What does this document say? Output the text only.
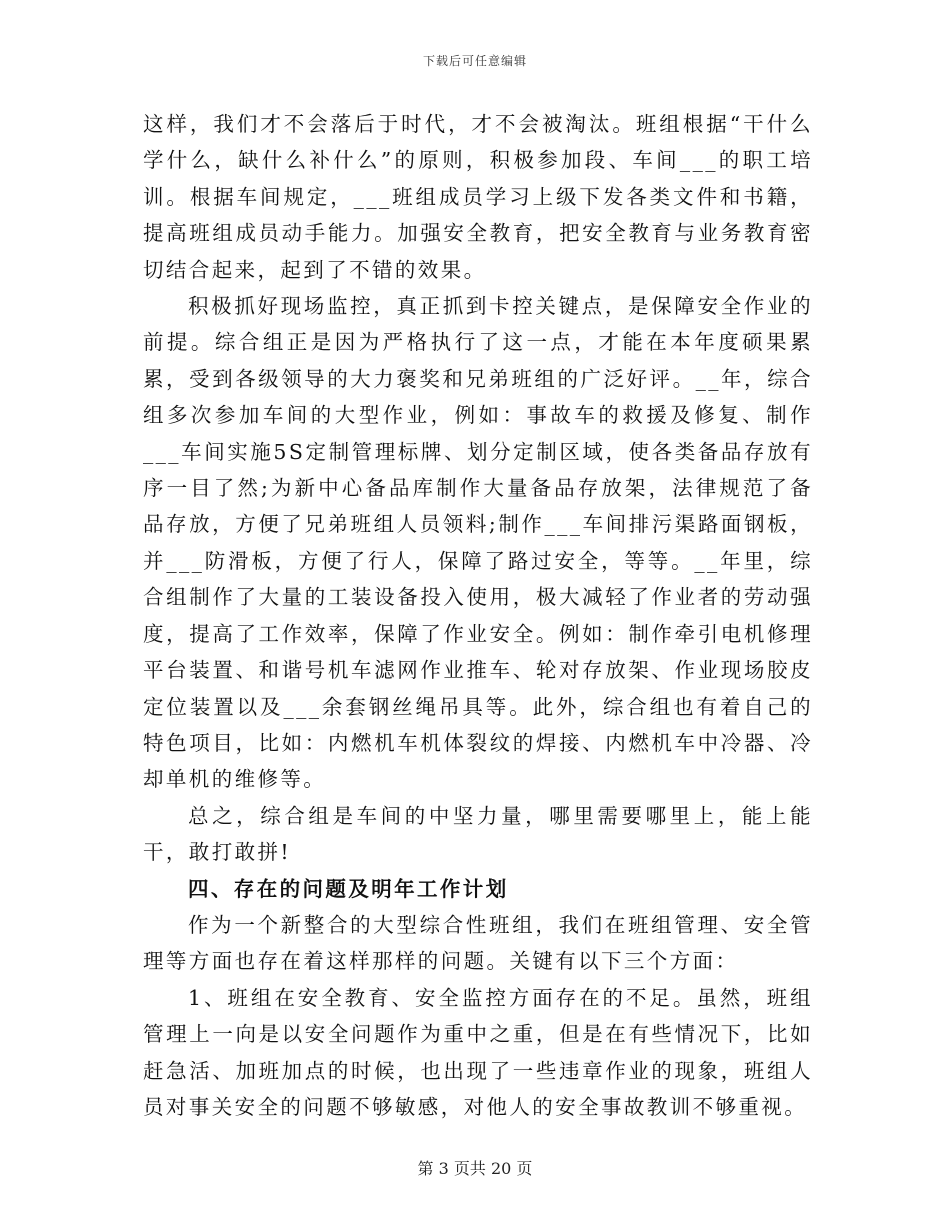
下载后可任意编辑

这样，我们才不会落后于时代，才不会被淘汰。班组根据“干什么学什么，缺什么补什么”的原则，积极参加段、车间___的职工培训。根据车间规定，___班组成员学习上级下发各类文件和书籍，提高班组成员动手能力。加强安全教育，把安全教育与业务教育密切结合起来，起到了不错的效果。

积极抓好现场监控，真正抓到卡控关键点，是保障安全作业的前提。综合组正是因为严格执行了这一点，才能在本年度硕果累累，受到各级领导的大力褒奖和兄弟班组的广泛好评。__年，综合组多次参加车间的大型作业，例如：事故车的救援及修复、制作___车间实施5S定制管理标牌、划分定制区域，使各类备品存放有序一目了然;为新中心备品库制作大量备品存放架，法律规范了备品存放，方便了兄弟班组人员领料;制作___车间排污渠路面钢板，并___防滑板，方便了行人，保障了路过安全，等等。__年里，综合组制作了大量的工装设备投入使用，极大减轻了作业者的劳动强度，提高了工作效率，保障了作业安全。例如：制作牵引电机修理平台装置、和谐号机车滤网作业推车、轮对存放架、作业现场胶皮定位装置以及___余套钢丝绳吊具等。此外，综合组也有着自己的特色项目，比如：内燃机车机体裂纹的焊接、内燃机车中冷器、冷却单机的维修等。

总之，综合组是车间的中坚力量，哪里需要哪里上，能上能干，敢打敢拼!

四、存在的问题及明年工作计划

作为一个新整合的大型综合性班组，我们在班组管理、安全管理等方面也存在着这样那样的问题。关键有以下三个方面：

1、班组在安全教育、安全监控方面存在的不足。虽然，班组管理上一向是以安全问题作为重中之重，但是在有些情况下，比如赶急活、加班加点的时候，也出现了一些违章作业的现象，班组人员对事关安全的问题不够敏感，对他人的安全事故教训不够重视。

第 3 页共 20 页
